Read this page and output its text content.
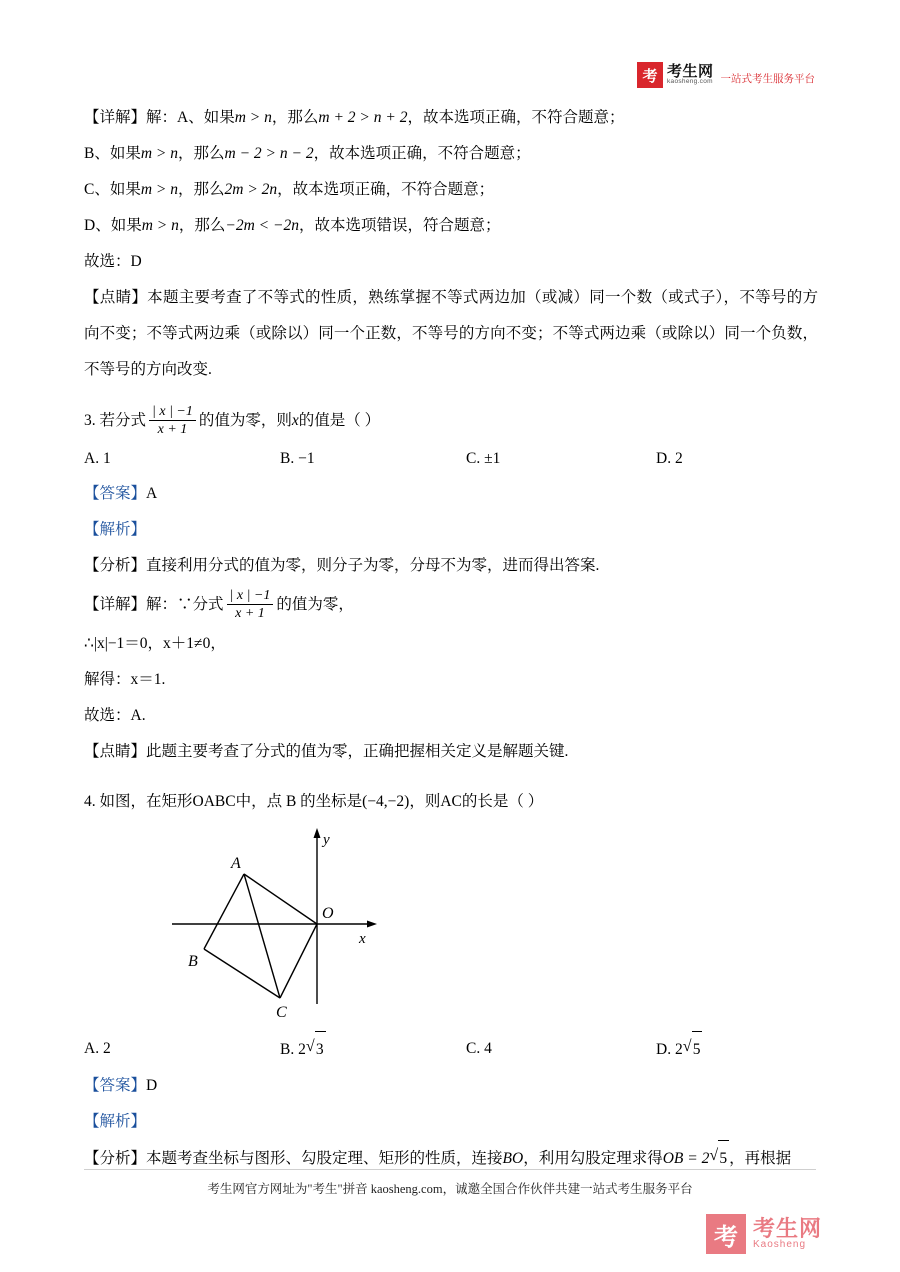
考 考生网
kaosheng.com 一站式考生服务平台
【详解】解：A、如果m > n，那么m + 2 > n + 2，故本选项正确，不符合题意；
B、如果m > n，那么m − 2 > n − 2，故本选项正确，不符合题意；
C、如果m > n，那么2m > 2n，故本选项正确，不符合题意；
D、如果m > n，那么−2m < −2n，故本选项错误，符合题意；
故选：D
【点睛】本题主要考查了不等式的性质，熟练掌握不等式两边加（或减）同一个数（或式子），不等号的方向不变；不等式两边乘（或除以）同一个正数，不等号的方向不变；不等式两边乘（或除以）同一个负数，不等号的方向改变.
3. 若分式 $\frac{| x | -1}{x + 1}$ 的值为零，则x的值是（ ）
A. 1	B. −1	C. ±1	D. 2
【答案】A
【解析】
【分析】直接利用分式的值为零，则分子为零，分母不为零，进而得出答案.
【详解】解：∵分式 $\frac{| x | -1}{x + 1}$ 的值为零，
∴|x|−1＝0，x＋1≠0，
解得：x＝1.
故选：A.
【点睛】此题主要考查了分式的值为零，正确把握相关定义是解题关键.
4. 如图，在矩形OABC中，点 B 的坐标是(−4,−2)，则AC的长是（ ）
A
B
C
O
x
y
A. 2	B. 2 √ 3	C. 4	D. 2 √ 5
【答案】D
【解析】
【分析】本题考查坐标与图形、勾股定理、矩形的性质，连接BO，利用勾股定理求得OB = 2 √ 5 ，再根据
考生网官方网址为"考生"拼音 kaosheng.com，诚邀全国合作伙伴共建一站式考生服务平台
考 考生网
Kaosheng
